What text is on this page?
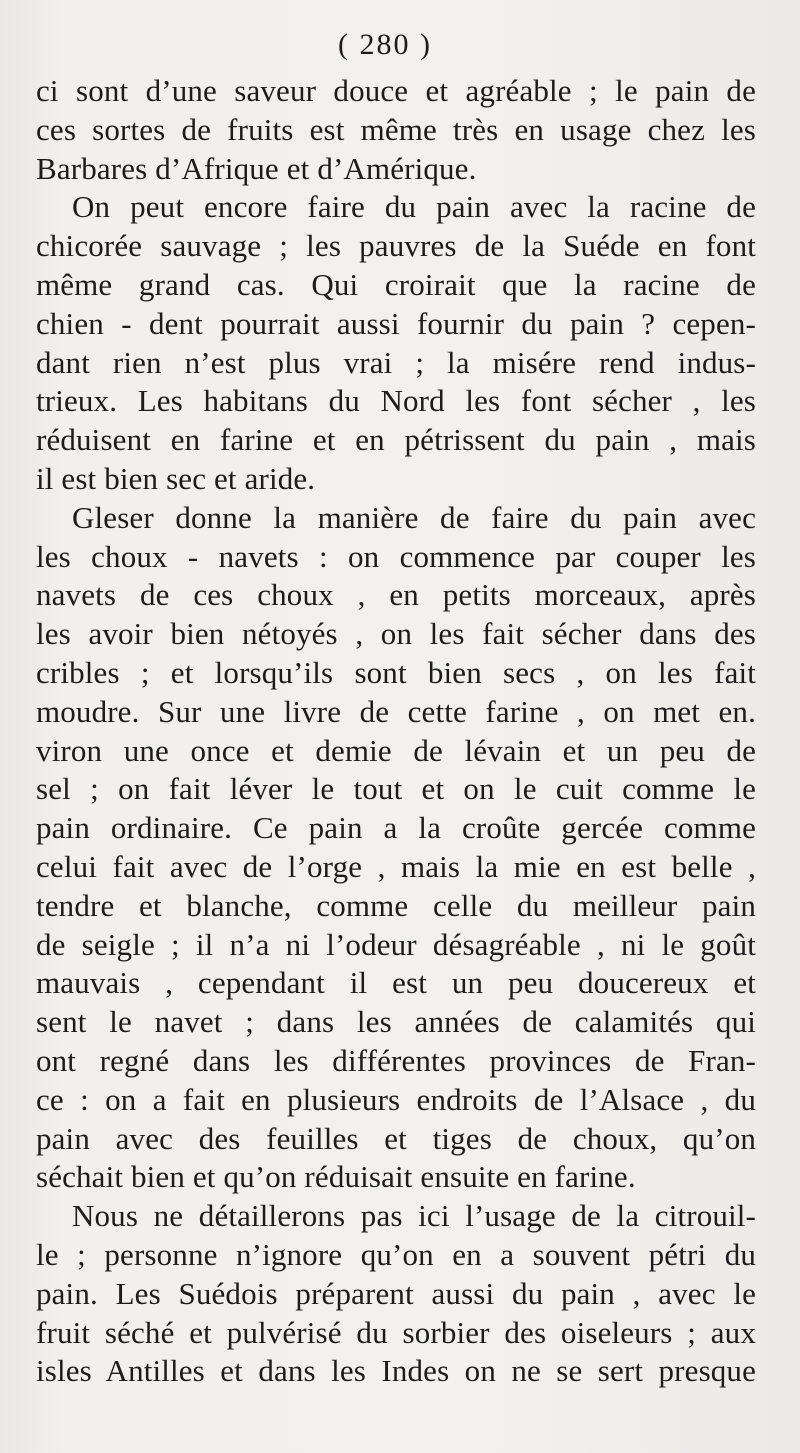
( 280 )
ci sont d’une saveur douce et agréable ; le pain de
ces sortes de fruits est même très en usage chez les
Barbares d’Afrique et d’Amérique.
On peut encore faire du pain avec la racine de
chicorée sauvage ; les pauvres de la Suéde en font
même grand cas. Qui croirait que la racine de
chien - dent pourrait aussi fournir du pain ? cepen-
dant rien n’est plus vrai ; la misére rend indus-
trieux. Les habitans du Nord les font sécher , les
réduisent en farine et en pétrissent du pain , mais
il est bien sec et aride.
Gleser donne la manière de faire du pain avec
les choux - navets : on commence par couper les
navets de ces choux , en petits morceaux, après
les avoir bien nétoyés , on les fait sécher dans des
cribles ; et lorsqu’ils sont bien secs , on les fait
moudre. Sur une livre de cette farine , on met en.
viron une once et demie de lévain et un peu de
sel ; on fait léver le tout et on le cuit comme le
pain ordinaire. Ce pain a la croûte gercée comme
celui fait avec de l’orge , mais la mie en est belle ,
tendre et blanche, comme celle du meilleur pain
de seigle ; il n’a ni l’odeur désagréable , ni le goût
mauvais , cependant il est un peu doucereux et
sent le navet ; dans les années de calamités qui
ont regné dans les différentes provinces de Fran-
ce : on a fait en plusieurs endroits de l’Alsace , du
pain avec des feuilles et tiges de choux, qu’on
séchait bien et qu’on réduisait ensuite en farine.
Nous ne détaillerons pas ici l’usage de la citrouil-
le ; personne n’ignore qu’on en a souvent pétri du
pain. Les Suédois préparent aussi du pain , avec le
fruit séché et pulvérisé du sorbier des oiseleurs ; aux
isles Antilles et dans les Indes on ne se sert presque
